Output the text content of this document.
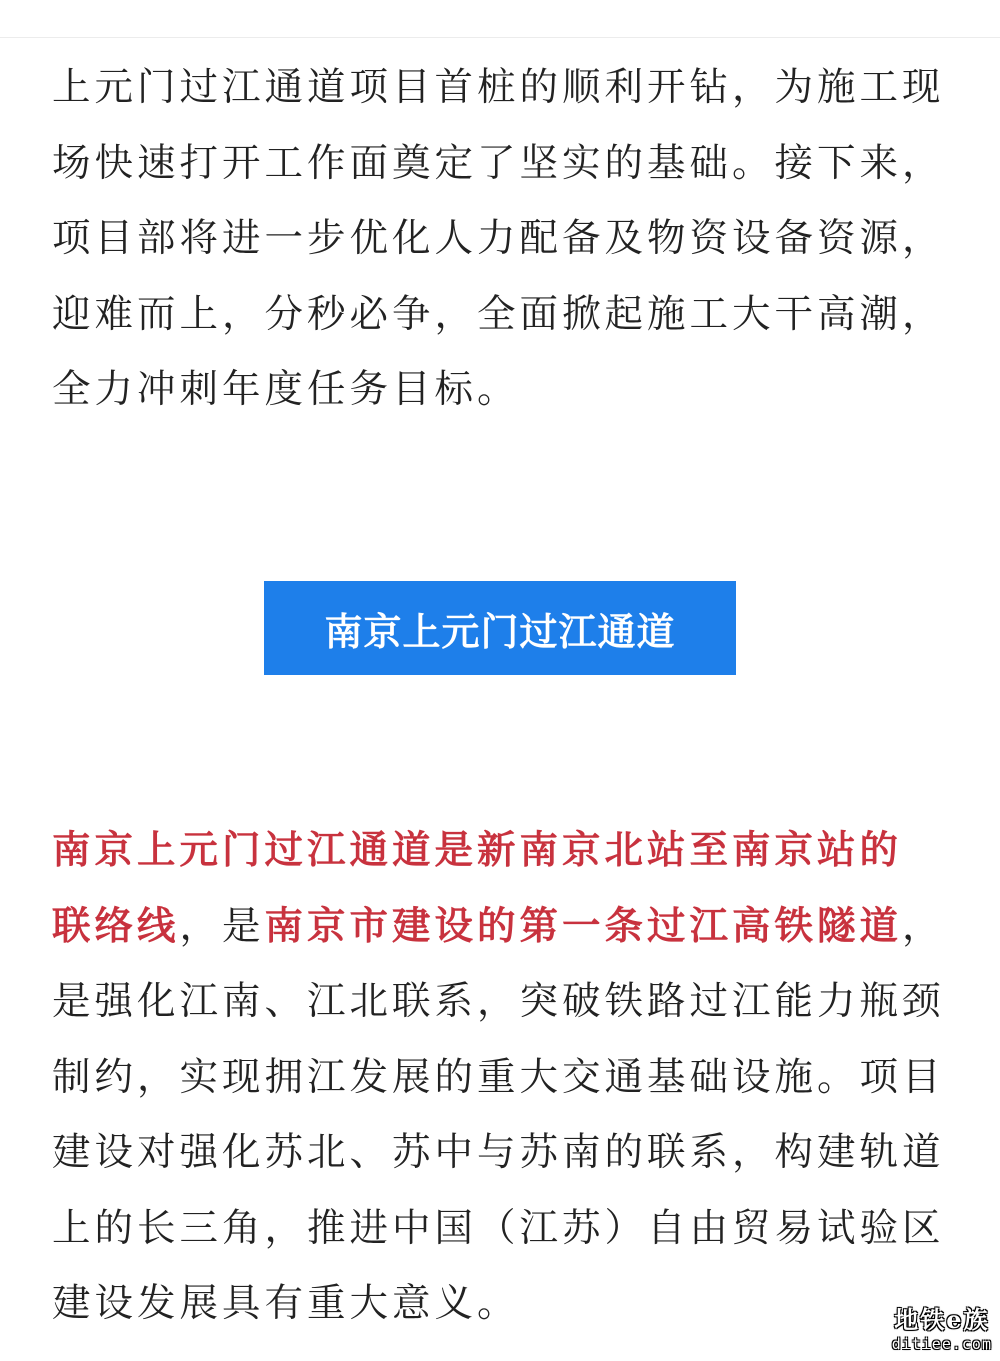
上元门过江通道项目首桩的顺利开钻，为施工现
场快速打开工作面奠定了坚实的基础。接下来，
项目部将进一步优化人力配备及物资设备资源，
迎难而上，分秒必争，全面掀起施工大干高潮，
全力冲刺年度任务目标。
南京上元门过江通道
南京上元门过江通道是新南京北站至南京站的
联络线，是南京市建设的第一条过江高铁隧道，
是强化江南、江北联系，突破铁路过江能力瓶颈
制约，实现拥江发展的重大交通基础设施。项目
建设对强化苏北、苏中与苏南的联系，构建轨道
上的长三角，推进中国（江苏）自由贸易试验区
建设发展具有重大意义。	地铁e族
ditiee.com
